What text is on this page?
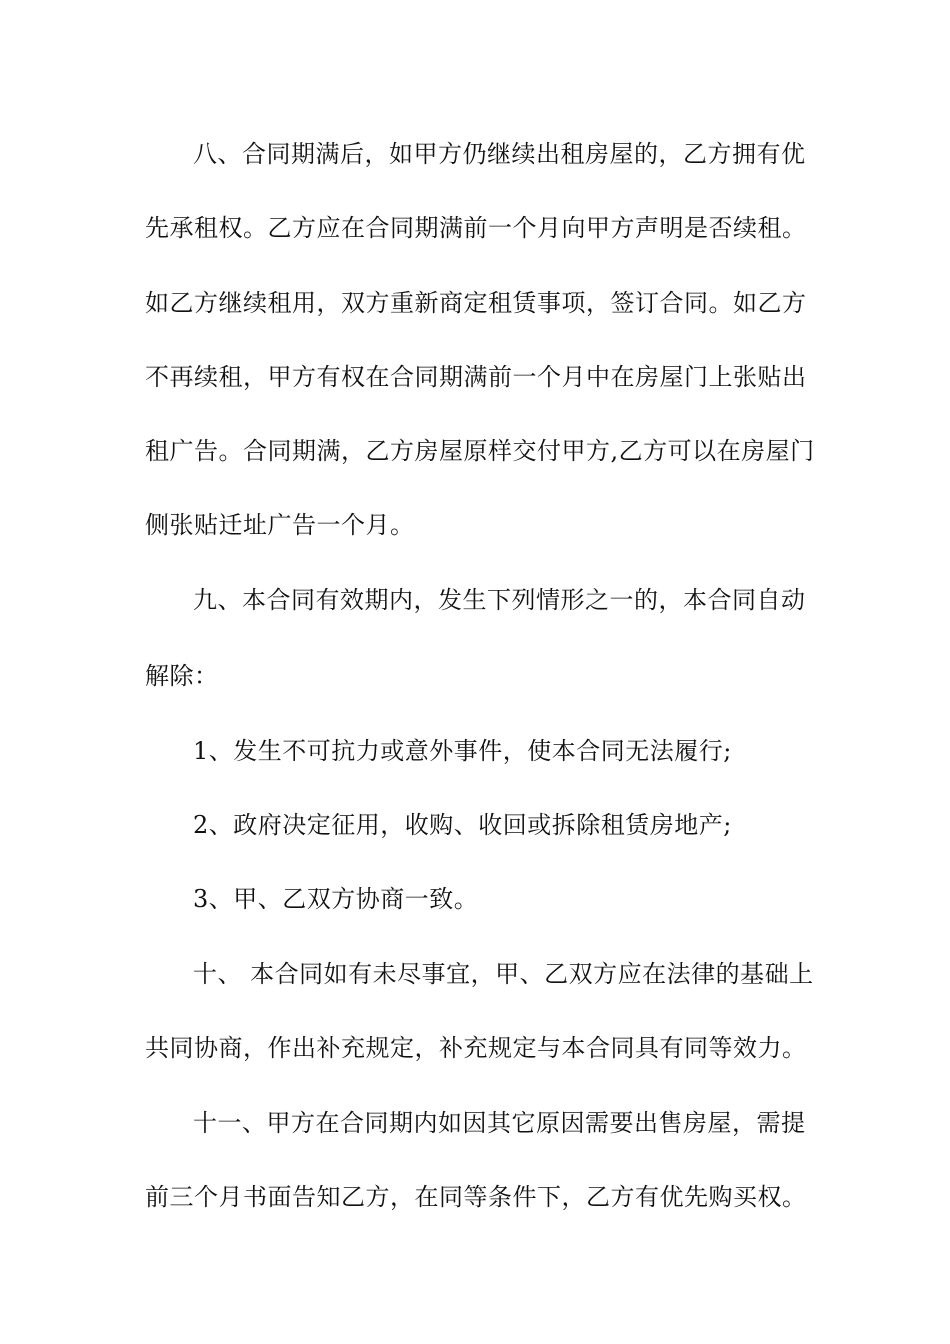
八、合同期满后，如甲方仍继续出租房屋的，乙方拥有优
先承租权。乙方应在合同期满前一个月向甲方声明是否续租。
如乙方继续租用，双方重新商定租赁事项，签订合同。如乙方
不再续租，甲方有权在合同期满前一个月中在房屋门上张贴出
租广告。合同期满，乙方房屋原样交付甲方,乙方可以在房屋门
侧张贴迁址广告一个月。
九、本合同有效期内，发生下列情形之一的，本合同自动
解除：
1、发生不可抗力或意外事件，使本合同无法履行;
2、政府决定征用，收购、收回或拆除租赁房地产;
3、甲、乙双方协商一致。
十、 本合同如有未尽事宜，甲、乙双方应在法律的基础上
共同协商，作出补充规定，补充规定与本合同具有同等效力。
十一、甲方在合同期内如因其它原因需要出售房屋，需提
前三个月书面告知乙方，在同等条件下，乙方有优先购买权。
